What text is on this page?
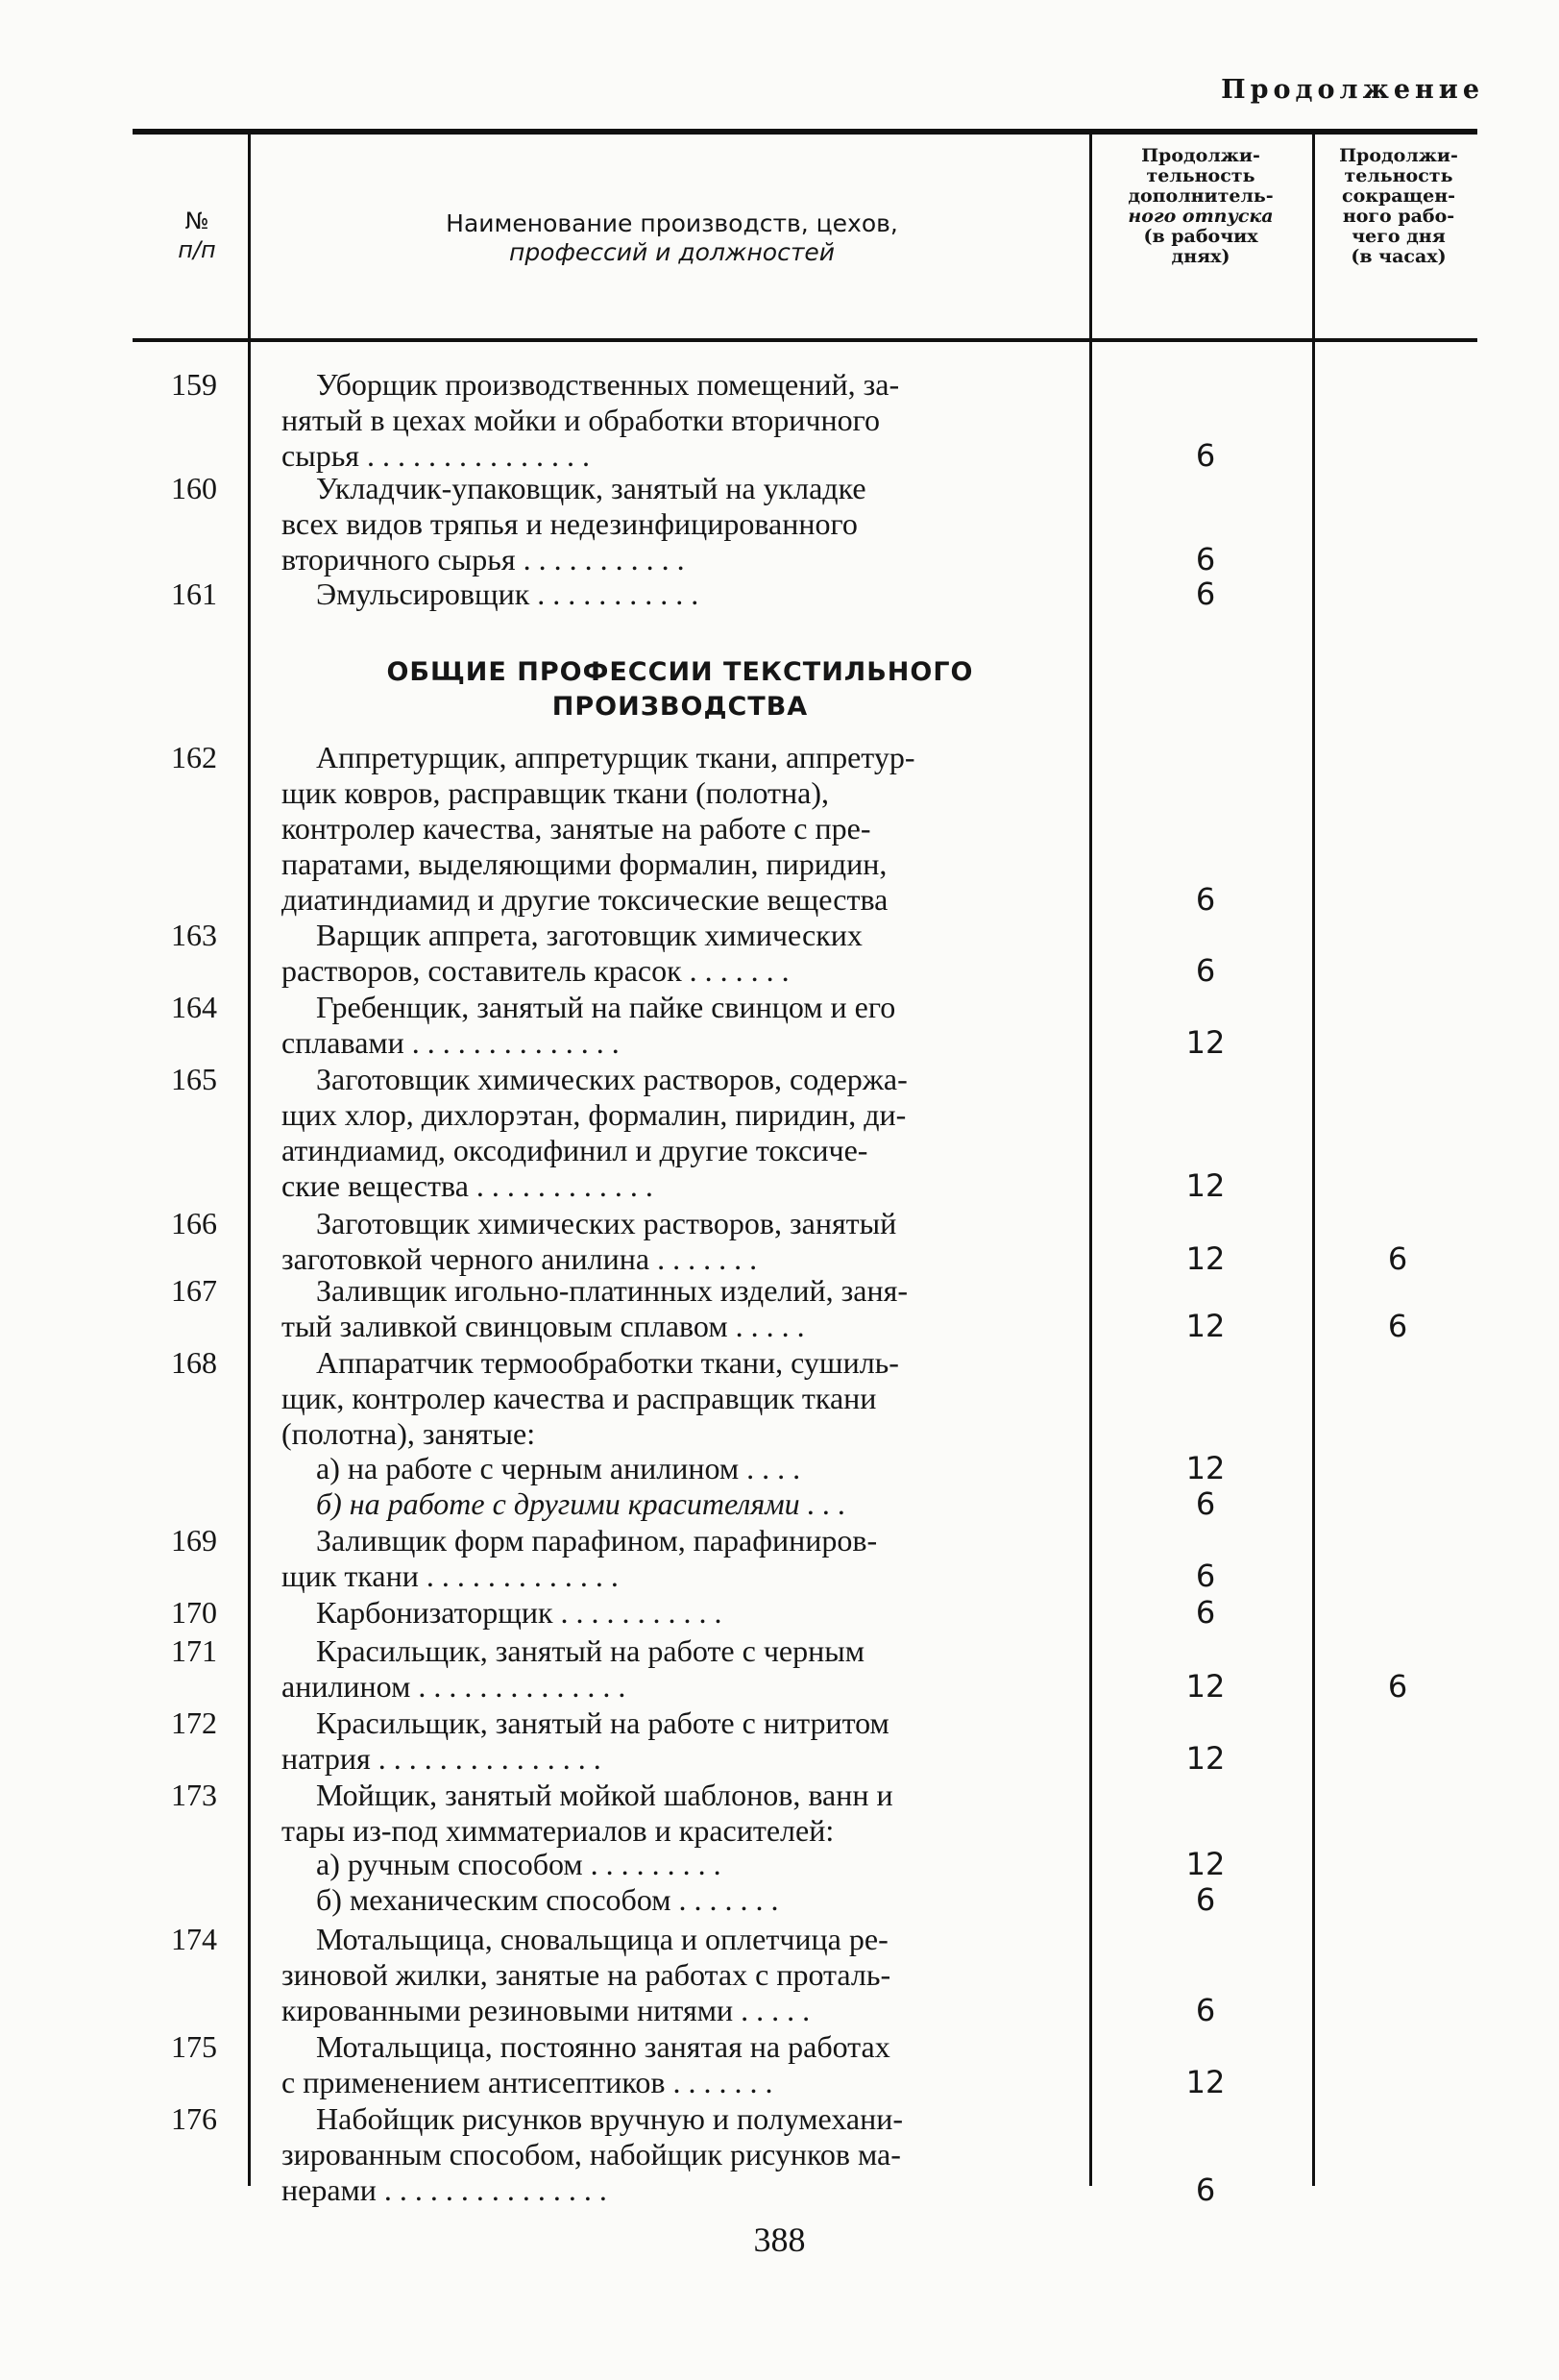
Продолжение
№
п/п
Наименование производств, цехов,
профессий и должностей
Продолжи-
тельность
дополнитель-
ного отпуска
(в рабочих
днях)
Продолжи-
тельность
сокращен-
ного рабо-
чего дня
(в часах)
159	Уборщик производственных помещений, за-
нятый в цехах мойки и обработки вторичного
сырья . . . . . . . . . . . . . . .	6
160	Укладчик-упаковщик, занятый на укладке
всех видов тряпья и недезинфицированного
вторичного сырья . . . . . . . . . . .	6
161	Эмульсировщик . . . . . . . . . . .	6
162	Аппретурщик, аппретурщик ткани, аппретур-
щик ковров, расправщик ткани (полотна),
контролер качества, занятые на работе с пре-
паратами, выделяющими формалин, пиридин,
диатиндиамид и другие токсические вещества	6
163	Варщик аппрета, заготовщик химических
растворов, составитель красок . . . . . . .	6
164	Гребенщик, занятый на пайке свинцом и его
сплавами . . . . . . . . . . . . . .	12
165	Заготовщик химических растворов, содержа-
щих хлор, дихлорэтан, формалин, пиридин, ди-
атиндиамид, оксодифинил и другие токсиче-
ские вещества . . . . . . . . . . . .	12
166	Заготовщик химических растворов, занятый
заготовкой черного анилина . . . . . . .	12	6
167	Заливщик игольно-платинных изделий, заня-
тый заливкой свинцовым сплавом . . . . .	12	6
168	Аппаратчик термообработки ткани, сушиль-
щик, контролер качества и расправщик ткани
(полотна), занятые:
а) на работе с черным анилином . . . .	12
б) на работе с другими красителями . . .	6
169	Заливщик форм парафином, парафиниров-
щик ткани . . . . . . . . . . . . .	6
170	Карбонизаторщик . . . . . . . . . . .	6
171	Красильщик, занятый на работе с черным
анилином . . . . . . . . . . . . . .	12	6
172	Красильщик, занятый на работе с нитритом
натрия . . . . . . . . . . . . . . .	12
173	Мойщик, занятый мойкой шаблонов, ванн и
тары из-под химматериалов и красителей:
а) ручным способом . . . . . . . . .	12
б) механическим способом . . . . . . .	6
174	Мотальщица, сновальщица и оплетчица ре-
зиновой жилки, занятые на работах с проталь-
кированными резиновыми нитями . . . . .	6
175	Мотальщица, постоянно занятая на работах
с применением антисептиков . . . . . . .	12
176	Набойщик рисунков вручную и полумехани-
зированным способом, набойщик рисунков ма-
нерами . . . . . . . . . . . . . . .	6
ОБЩИЕ ПРОФЕССИИ ТЕКСТИЛЬНОГО
ПРОИЗВОДСТВА
388
